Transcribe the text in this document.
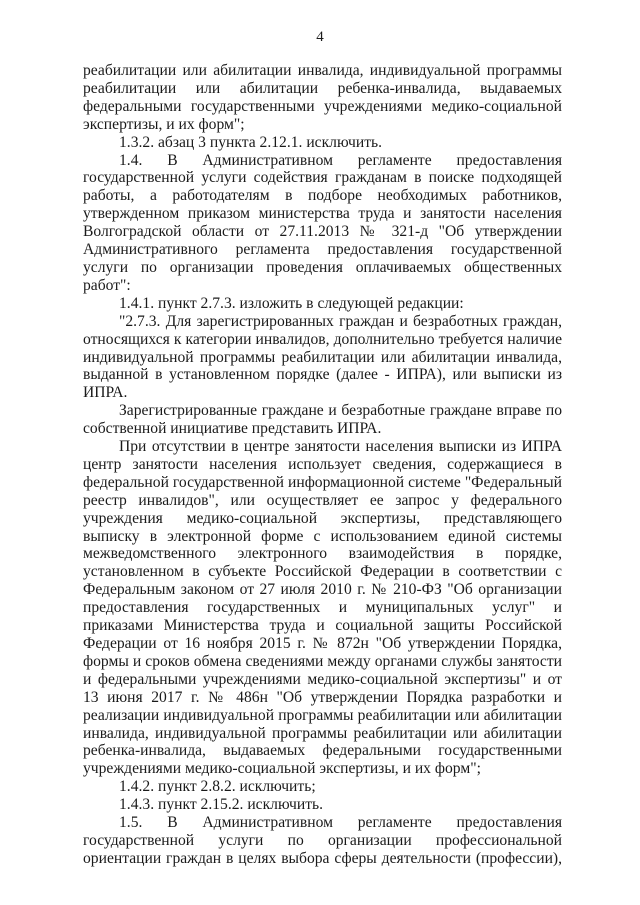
4

реабилитации или абилитации инвалида, индивидуальной программы реабилитации или абилитации ребенка-инвалида, выдаваемых федеральными государственными учреждениями медико-социальной экспертизы, и их форм";

1.3.2. абзац 3 пункта 2.12.1. исключить.

1.4. В Административном регламенте предоставления государственной услуги содействия гражданам в поиске подходящей работы, а работодателям в подборе необходимых работников, утвержденном приказом министерства труда и занятости населения Волгоградской области от 27.11.2013 № 321-д "Об утверждении Административного регламента предоставления государственной услуги по организации проведения оплачиваемых общественных работ":

1.4.1. пункт 2.7.3. изложить в следующей редакции:

"2.7.3. Для зарегистрированных граждан и безработных граждан, относящихся к категории инвалидов, дополнительно требуется наличие индивидуальной программы реабилитации или абилитации инвалида, выданной в установленном порядке (далее - ИПРА), или выписки из ИПРА.

Зарегистрированные граждане и безработные граждане вправе по собственной инициативе представить ИПРА.

При отсутствии в центре занятости населения выписки из ИПРА центр занятости населения использует сведения, содержащиеся в федеральной государственной информационной системе "Федеральный реестр инвалидов", или осуществляет ее запрос у федерального учреждения медико-социальной экспертизы, представляющего выписку в электронной форме с использованием единой системы межведомственного электронного взаимодействия в порядке, установленном в субъекте Российской Федерации в соответствии с Федеральным законом от 27 июля 2010 г. № 210-ФЗ "Об организации предоставления государственных и муниципальных услуг" и приказами Министерства труда и социальной защиты Российской Федерации от 16 ноября 2015 г. № 872н "Об утверждении Порядка, формы и сроков обмена сведениями между органами службы занятости и федеральными учреждениями медико-социальной экспертизы" и от 13 июня 2017 г. № 486н "Об утверждении Порядка разработки и реализации индивидуальной программы реабилитации или абилитации инвалида, индивидуальной программы реабилитации или абилитации ребенка-инвалида, выдаваемых федеральными государственными учреждениями медико-социальной экспертизы, и их форм";

1.4.2. пункт 2.8.2. исключить;

1.4.3. пункт 2.15.2. исключить.

1.5. В Административном регламенте предоставления государственной услуги по организации профессиональной ориентации граждан в целях выбора сферы деятельности (профессии),
